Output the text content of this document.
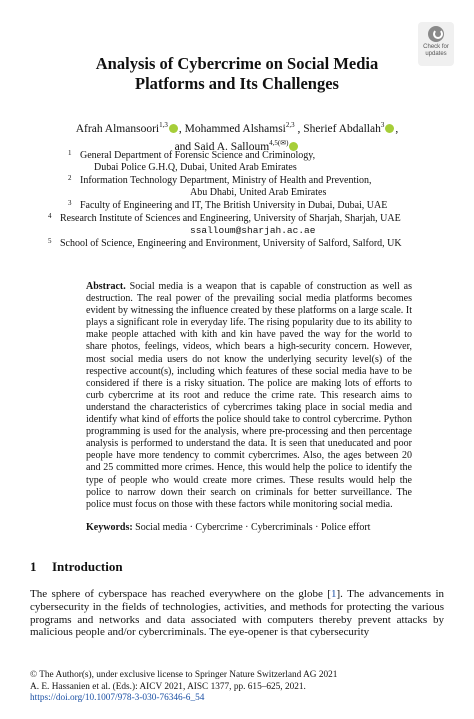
Check for
updates
Analysis of Cybercrime on Social Media
Platforms and Its Challenges
Afrah Almansoori$^{1,3}$ , Mohammed Alshamsi$^{2,3}$ , Sherief Abdallah$^3$ ,
and Said A. Salloum$^{4,5(✉)}$
1 General Department of Forensic Science and Criminology,
Dubai Police G.H.Q, Dubai, United Arab Emirates
2 Information Technology Department, Ministry of Health and Prevention,
Abu Dhabi, United Arab Emirates
3 Faculty of Engineering and IT, The British University in Dubai, Dubai, UAE
4 Research Institute of Sciences and Engineering, University of Sharjah, Sharjah, UAE
ssalloum@sharjah.ac.ae
5 School of Science, Engineering and Environment, University of Salford, Salford, UK
Abstract. Social media is a weapon that is capable of construction as well as destruction. The real power of the prevailing social media platforms becomes evident by witnessing the influence created by these platforms on a large scale. It plays a significant role in everyday life. The rising popularity due to its ability to make people attached with kith and kin have paved the way for the world to share photos, feelings, videos, which bears a high-security concern. However, most social media users do not know the underlying security level(s) of the respective account(s), including which features of these social media have to be considered if there is a risky situation. The police are making lots of efforts to curb cybercrime at its root and reduce the crime rate. This research aims to understand the characteristics of cybercrimes taking place in social media and identify what kind of efforts the police should take to control cybercrime. Python programming is used for the analysis, where pre-processing and then percentage analysis is performed to understand the data. It is seen that uneducated and poor people have more tendency to commit cybercrimes. Also, the ages between 20 and 25 committed more crimes. Hence, this would help the police to identify the type of people who would create more crimes. These results would help the police to narrow down their search on criminals for better surveillance. The police must focus on those with these factors while monitoring social media.
Keywords: Social media · Cybercrime · Cybercriminals · Police effort
1 Introduction
The sphere of cyberspace has reached everywhere on the globe [1]. The advancements in cybersecurity in the fields of technologies, activities, and methods for protecting the various programs and networks and data associated with computers thereby prevent attacks by malicious people and/or cybercriminals. The eye-opener is that cybersecurity
© The Author(s), under exclusive license to Springer Nature Switzerland AG 2021
A. E. Hassanien et al. (Eds.): AICV 2021, AISC 1377, pp. 615–625, 2021.
https://doi.org/10.1007/978-3-030-76346-6_54
